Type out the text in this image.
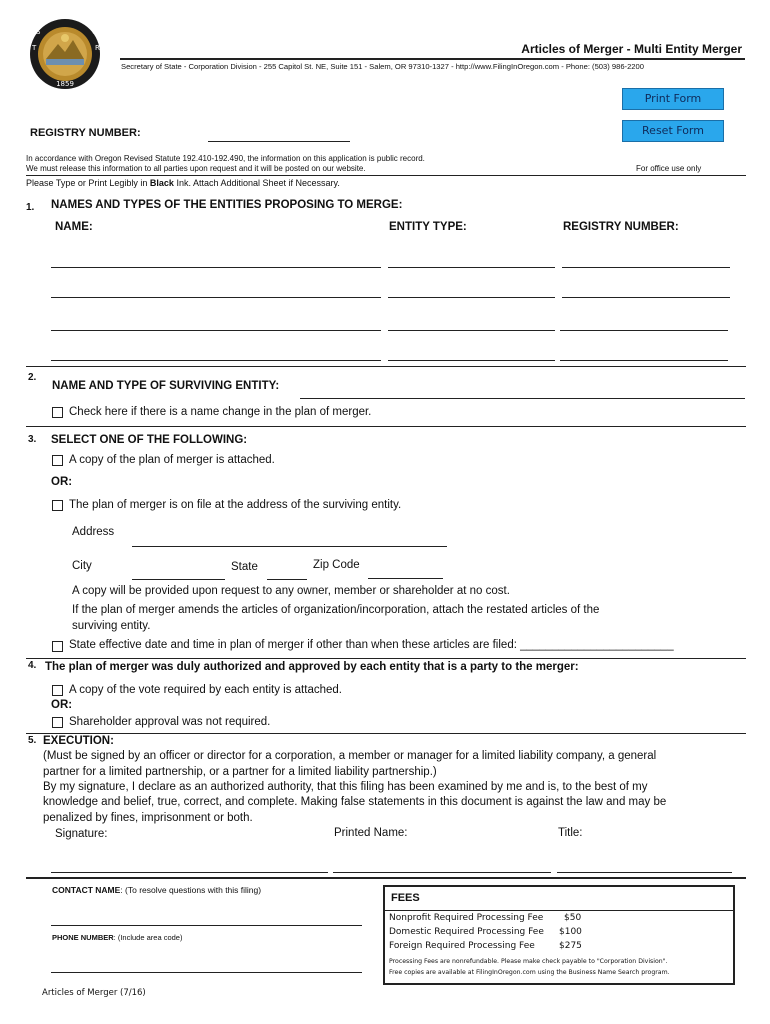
S
T
O
R
1859
Articles of Merger - Multi Entity Merger
Secretary of State - Corporation Division - 255 Capitol St. NE, Suite 151 - Salem, OR 97310-1327 - http://www.FilingInOregon.com - Phone: (503) 986-2200
Print Form
Reset Form
REGISTRY NUMBER:
In accordance with Oregon Revised Statute 192.410-192.490, the information on this application is public record.
We must release this information to all parties upon request and it will be posted on our website.	For office use only
Please Type or Print Legibly in Black Ink. Attach Additional Sheet if Necessary.
1. NAMES AND TYPES OF THE ENTITIES PROPOSING TO MERGE:
NAME:	ENTITY TYPE:	REGISTRY NUMBER:
2.
NAME AND TYPE OF SURVIVING ENTITY:
Check here if there is a name change in the plan of merger.
3. SELECT ONE OF THE FOLLOWING:
A copy of the plan of merger is attached.
OR:
The plan of merger is on file at the address of the surviving entity.
Address
City	State	Zip Code
A copy will be provided upon request to any owner, member or shareholder at no cost.
If the plan of merger amends the articles of organization/incorporation, attach the restated articles of the
surviving entity.
State effective date and time in plan of merger if other than when these articles are filed: ________________________
4. The plan of merger was duly authorized and approved by each entity that is a party to the merger:
A copy of the vote required by each entity is attached.
OR:
Shareholder approval was not required.
5. EXECUTION:
(Must be signed by an officer or director for a corporation, a member or manager for a limited liability company, a general
partner for a limited partnership, or a partner for a limited liability partnership.)
By my signature, I declare as an authorized authority, that this filing has been examined by me and is, to the best of my
knowledge and belief, true, correct, and complete. Making false statements in this document is against the law and may be
penalized by fines, imprisonment or both.
Signature:	Printed Name:	Title:
CONTACT NAME: (To resolve questions with this filing)
PHONE NUMBER: (Include area code)
FEES
Nonprofit Required Processing Fee $50
Domestic Required Processing Fee $100
Foreign Required Processing Fee	$275
Processing Fees are nonrefundable. Please make check payable to "Corporation Division".
Free copies are available at FilingInOregon.com using the Business Name Search program.
Articles of Merger (7/16)
